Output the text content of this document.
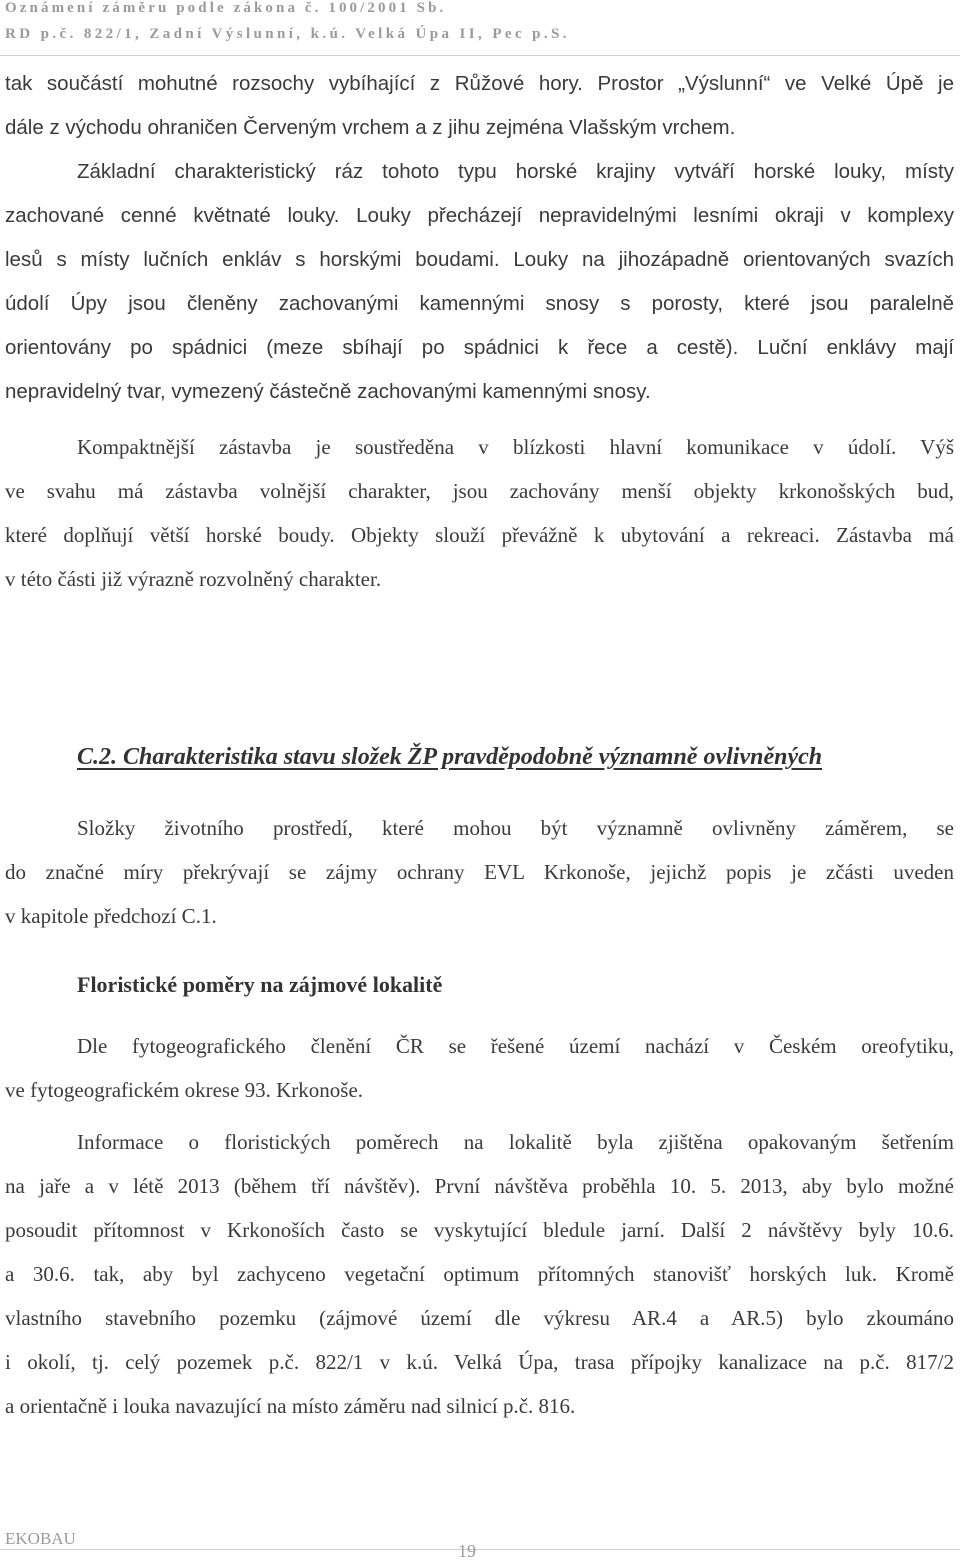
Oznámení záměru podle zákona č. 100/2001 Sb.
RD p.č. 822/1, Zadní Výslunní, k.ú. Velká Úpa II, Pec p.S.
tak součástí mohutné rozsochy vybíhající z Růžové hory. Prostor „Výslunní“ ve Velké Úpě je
dále z východu ohraničen Červeným vrchem a z jihu zejména Vlašským vrchem.
Základní charakteristický ráz tohoto typu horské krajiny vytváří horské louky, místy
zachované cenné květnaté louky. Louky přecházejí nepravidelnými lesními okraji v komplexy
lesů s místy lučních enkláv s horskými boudami. Louky na jihozápadně orientovaných svazích
údolí Úpy jsou členěny zachovanými kamennými snosy s porosty, které jsou paralelně
orientovány po spádnici (meze sbíhají po spádnici k řece a cestě). Luční enklávy mají
nepravidelný tvar, vymezený částečně zachovanými kamennými snosy.
Kompaktnější zástavba je soustředěna v blízkosti hlavní komunikace v údolí. Výš
ve svahu má zástavba volnější charakter, jsou zachovány menší objekty krkonošských bud,
které doplňují větší horské boudy. Objekty slouží převážně k ubytování a rekreaci. Zástavba má
v této části již výrazně rozvolněný charakter.
C.2. Charakteristika stavu složek ŽP pravděpodobně významně ovlivněných
Složky životního prostředí, které mohou být významně ovlivněny záměrem, se
do značné míry překrývají se zájmy ochrany EVL Krkonoše, jejichž popis je zčásti uveden
v kapitole předchozí C.1.
Floristické poměry na zájmové lokalitě
Dle fytogeografického členění ČR se řešené území nachází v Českém oreofytiku,
ve fytogeografickém okrese 93. Krkonoše.
Informace o floristických poměrech na lokalitě byla zjištěna opakovaným šetřením
na jaře a v létě 2013 (během tří návštěv). První návštěva proběhla 10. 5. 2013, aby bylo možné
posoudit přítomnost v Krkonoších často se vyskytující bledule jarní. Další 2 návštěvy byly 10.6.
a 30.6. tak, aby byl zachyceno vegetační optimum přítomných stanovišť horských luk. Kromě
vlastního stavebního pozemku (zájmové území dle výkresu AR.4 a AR.5) bylo zkoumáno
i okolí, tj. celý pozemek p.č. 822/1 v k.ú. Velká Úpa, trasa přípojky kanalizace na p.č. 817/2
a orientačně i louka navazující na místo záměru nad silnicí p.č. 816.
EKOBAU
19
